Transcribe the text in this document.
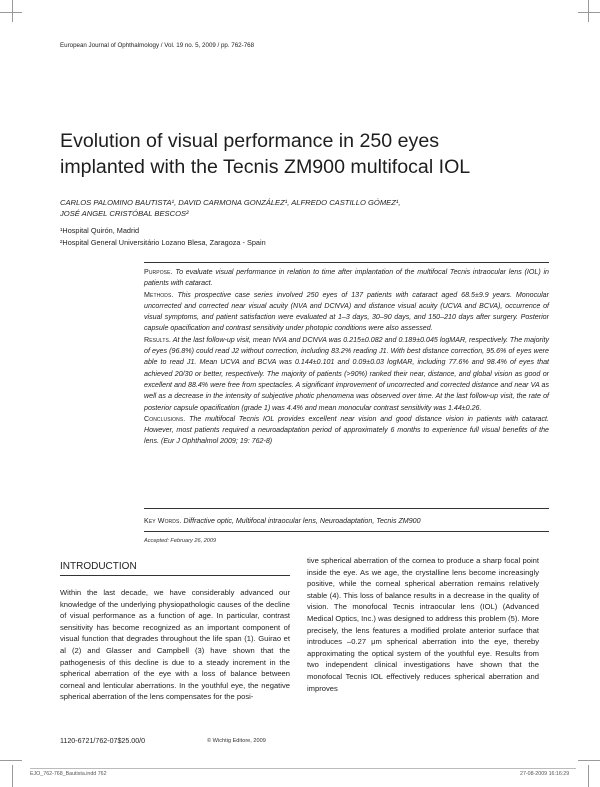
European Journal of Ophthalmology / Vol. 19 no. 5, 2009 / pp. 762-768
Evolution of visual performance in 250 eyes
implanted with the Tecnis ZM900 multifocal IOL
CARLOS PALOMINO BAUTISTA¹, DAVID CARMONA GONZÁLEZ¹, ALFREDO CASTILLO GÓMEZ¹,
JOSÉ ANGEL CRISTÓBAL BESCOS²
¹Hospital Quirón, Madrid
²Hospital General Universitário Lozano Blesa, Zaragoza - Spain

Purpose. To evaluate visual performance in relation to time after implantation of the multifocal Tecnis intraocular lens (IOL) in patients with cataract.

Methods. This prospective case series involved 250 eyes of 137 patients with cataract aged 68.5±9.9 years. Monocular uncorrected and corrected near visual acuity (NVA and DCNVA) and distance visual acuity (UCVA and BCVA), occurrence of visual symptoms, and patient satisfaction were evaluated at 1–3 days, 30–90 days, and 150–210 days after surgery. Posterior capsule opacification and contrast sensitivity under photopic conditions were also assessed.

Results. At the last follow-up visit, mean NVA and DCNVA was 0.215±0.082 and 0.189±0.045 logMAR, respectively. The majority of eyes (96.8%) could read J2 without correction, including 83.2% reading J1. With best distance correction, 95.6% of eyes were able to read J1. Mean UCVA and BCVA was 0.144±0.101 and 0.09±0.03 logMAR, including 77.6% and 98.4% of eyes that achieved 20/30 or better, respectively. The majority of patients (>90%) ranked their near, distance, and global vision as good or excellent and 88.4% were free from spectacles. A significant improvement of uncorrected and corrected distance and near VA as well as a decrease in the intensity of subjective photic phenomena was observed over time. At the last follow-up visit, the rate of posterior capsule opacification (grade 1) was 4.4% and mean monocular contrast sensitivity was 1.44±0.26.

Conclusions. The multifocal Tecnis IOL provides excellent near vision and good distance vision in patients with cataract. However, most patients required a neuroadaptation period of approximately 6 months to experience full visual benefits of the lens. (Eur J Ophthalmol 2009; 19: 762-8)

Key Words. Diffractive optic, Multifocal intraocular lens, Neuroadaptation, Tecnis ZM900
Accepted: February 26, 2009
INTRODUCTION

Within the last decade, we have considerably advanced our knowledge of the underlying physiopathologic causes of the decline of visual performance as a function of age. In particular, contrast sensitivity has become recognized as an important component of visual function that degrades throughout the life span (1). Guirao et al (2) and Glasser and Campbell (3) have shown that the pathogenesis of this decline is due to a steady increment in the spherical aberration of the eye with a loss of balance between corneal and lenticular aberrations. In the youthful eye, the negative spherical aberration of the lens compensates for the posi-

tive spherical aberration of the cornea to produce a sharp focal point inside the eye. As we age, the crystalline lens become increasingly positive, while the corneal spherical aberration remains relatively stable (4). This loss of balance results in a decrease in the quality of vision. The monofocal Tecnis intraocular lens (IOL) (Advanced Medical Optics, Inc.) was designed to address this problem (5). More precisely, the lens features a modified prolate anterior surface that introduces –0.27 μm spherical aberration into the eye, thereby approximating the optical system of the youthful eye. Results from two independent clinical investigations have shown that the monofocal Tecnis IOL effectively reduces spherical aberration and improves

1120-6721/762-07$25.00/0	© Wichtig Editore, 2009
EJO_762-768_Bautista.indd 762	27-08-2009 16:16:29
